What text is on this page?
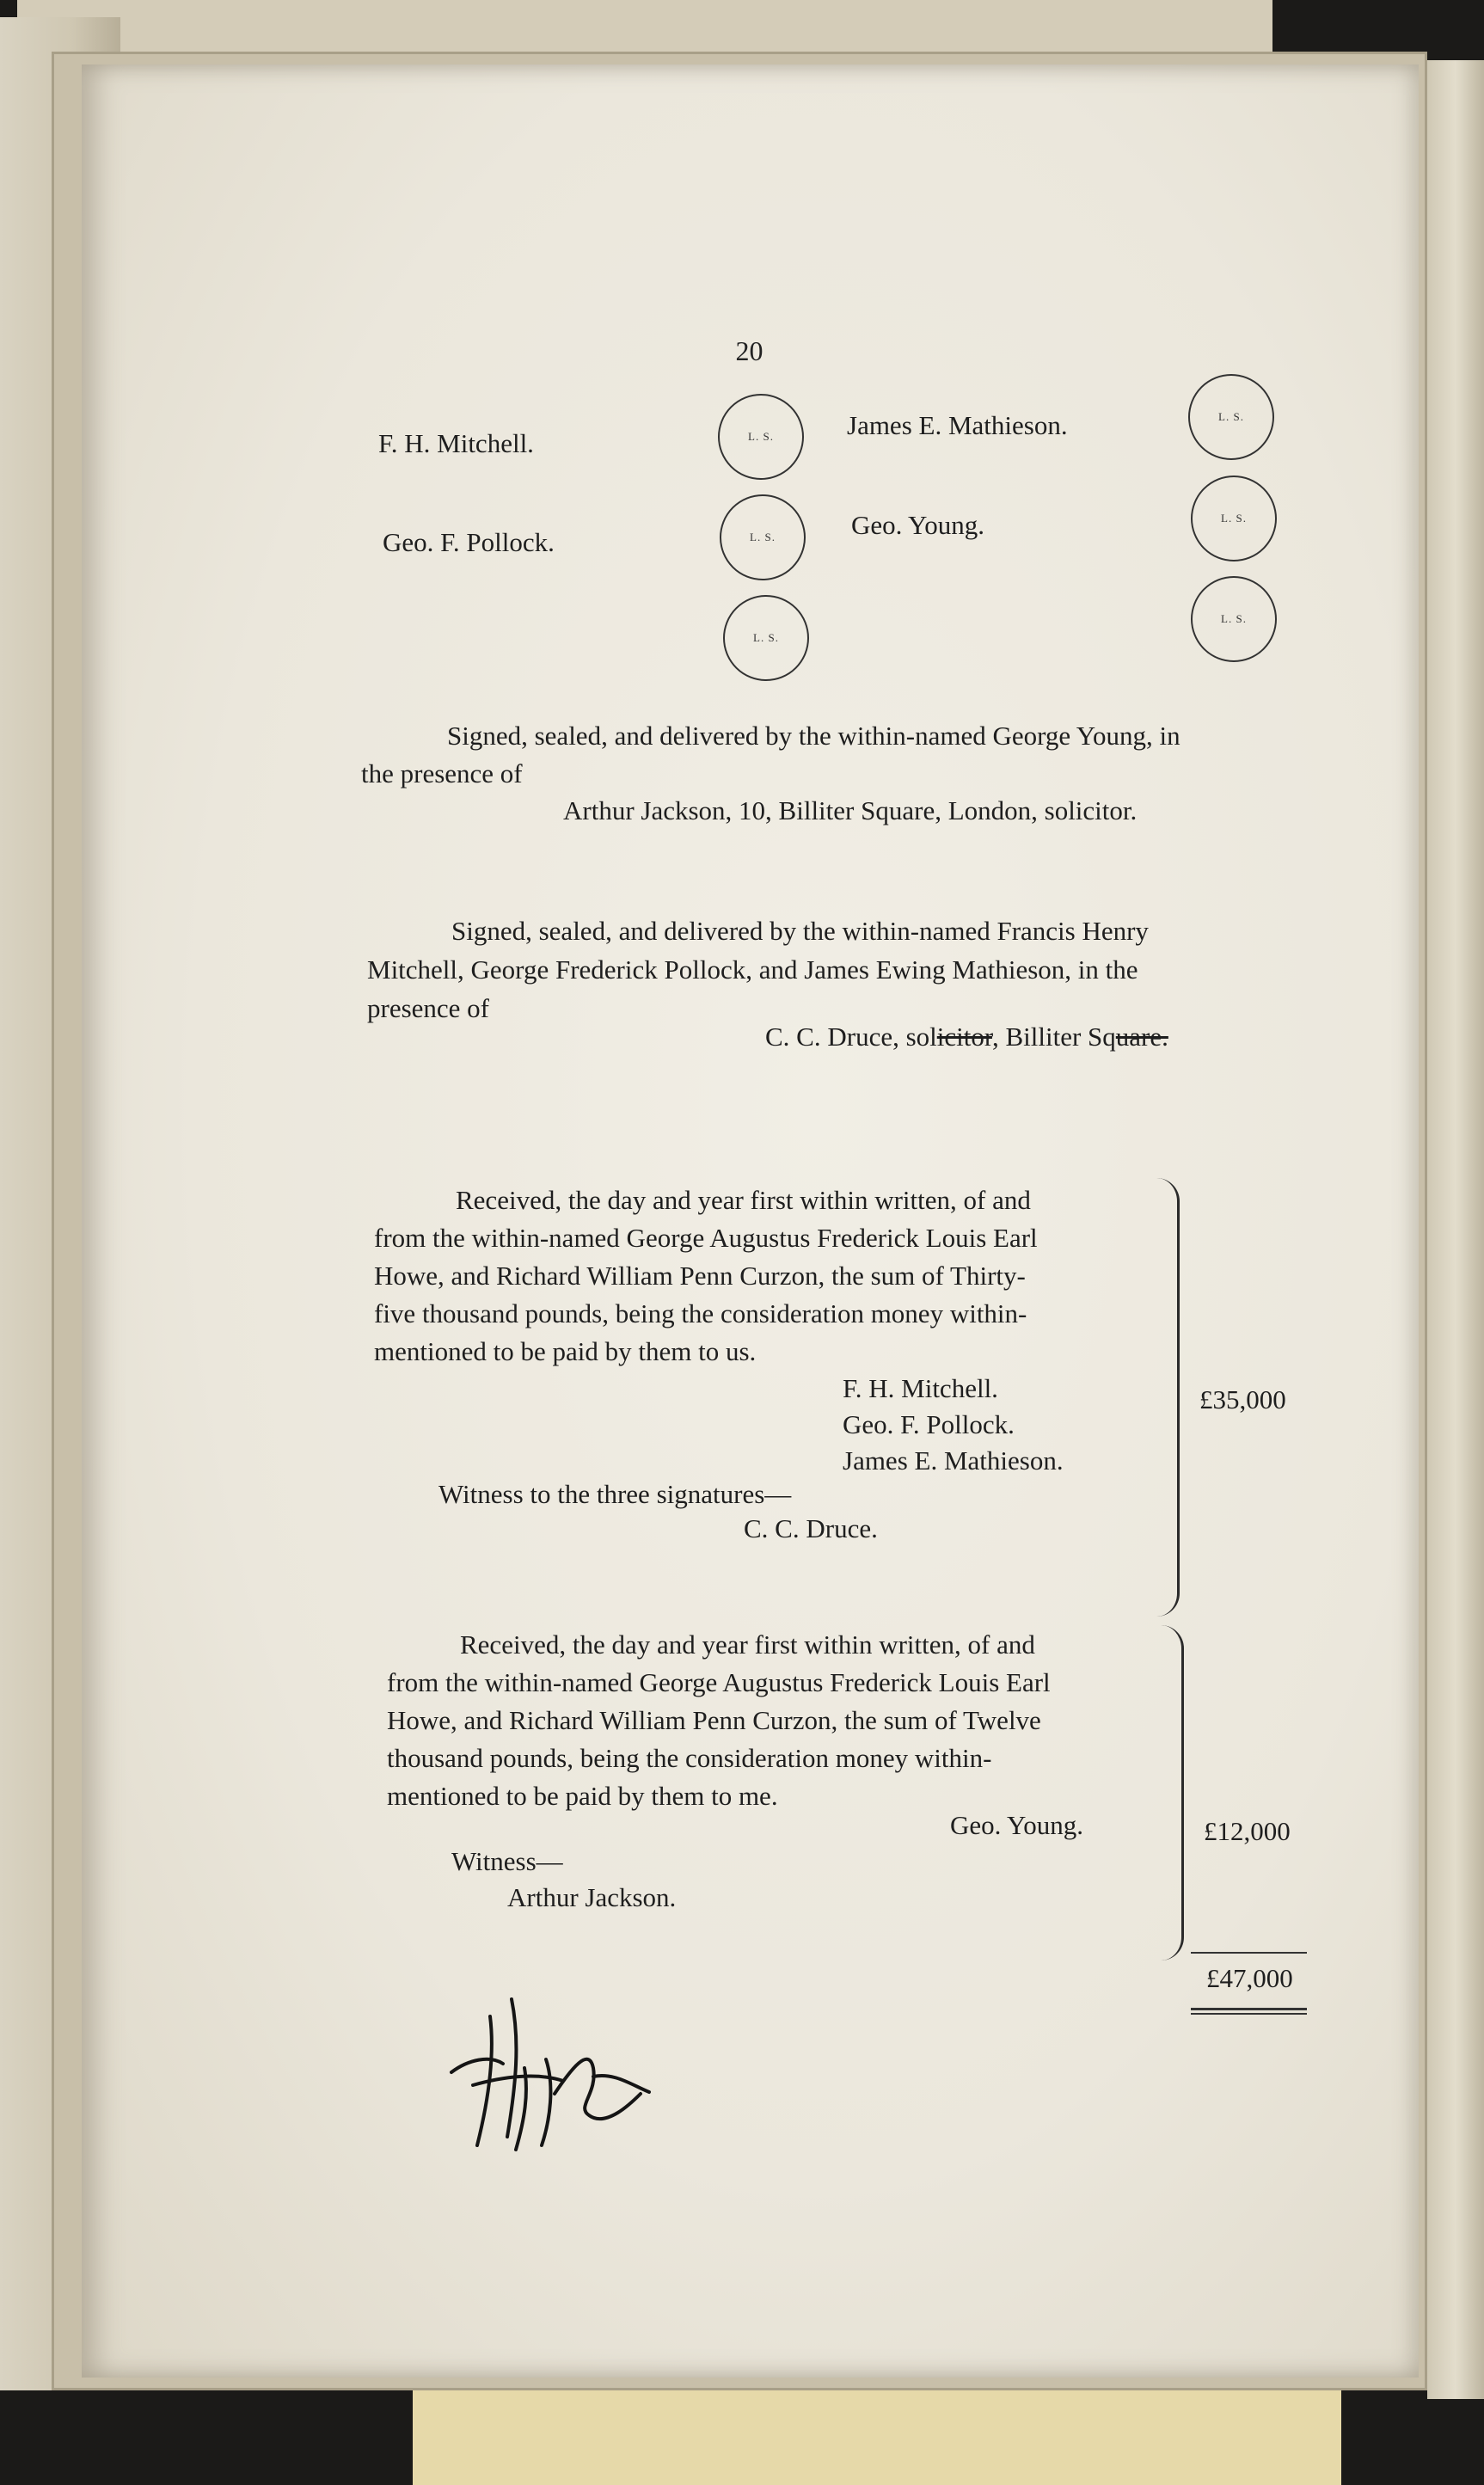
20
F. H. Mitchell.
Geo. F. Pollock.
James E. Mathieson.
Geo. Young.
L. S.
L. S.
L. S.
L. S.
L. S.
L. S.
Signed, sealed, and delivered by the within-named George Young, in
the presence of
Arthur Jackson, 10, Billiter Square, London, solicitor.
Signed, sealed, and delivered by the within-named Francis Henry
Mitchell, George Frederick Pollock, and James Ewing Mathieson, in the
presence of
C. C. Druce, solicitor, Billiter Square.
Received, the day and year first within written, of and
from the within-named George Augustus Frederick Louis Earl
Howe, and Richard William Penn Curzon, the sum of Thirty-
five thousand pounds, being the consideration money within-
mentioned to be paid by them to us.
F. H. Mitchell.
Geo. F. Pollock.
James E. Mathieson.
Witness to the three signatures—
C. C. Druce.
£35,000
Received, the day and year first within written, of and
from the within-named George Augustus Frederick Louis Earl
Howe, and Richard William Penn Curzon, the sum of Twelve
thousand pounds, being the consideration money within-
mentioned to be paid by them to me.
Geo. Young.
Witness—
Arthur Jackson.
£12,000
£47,000
